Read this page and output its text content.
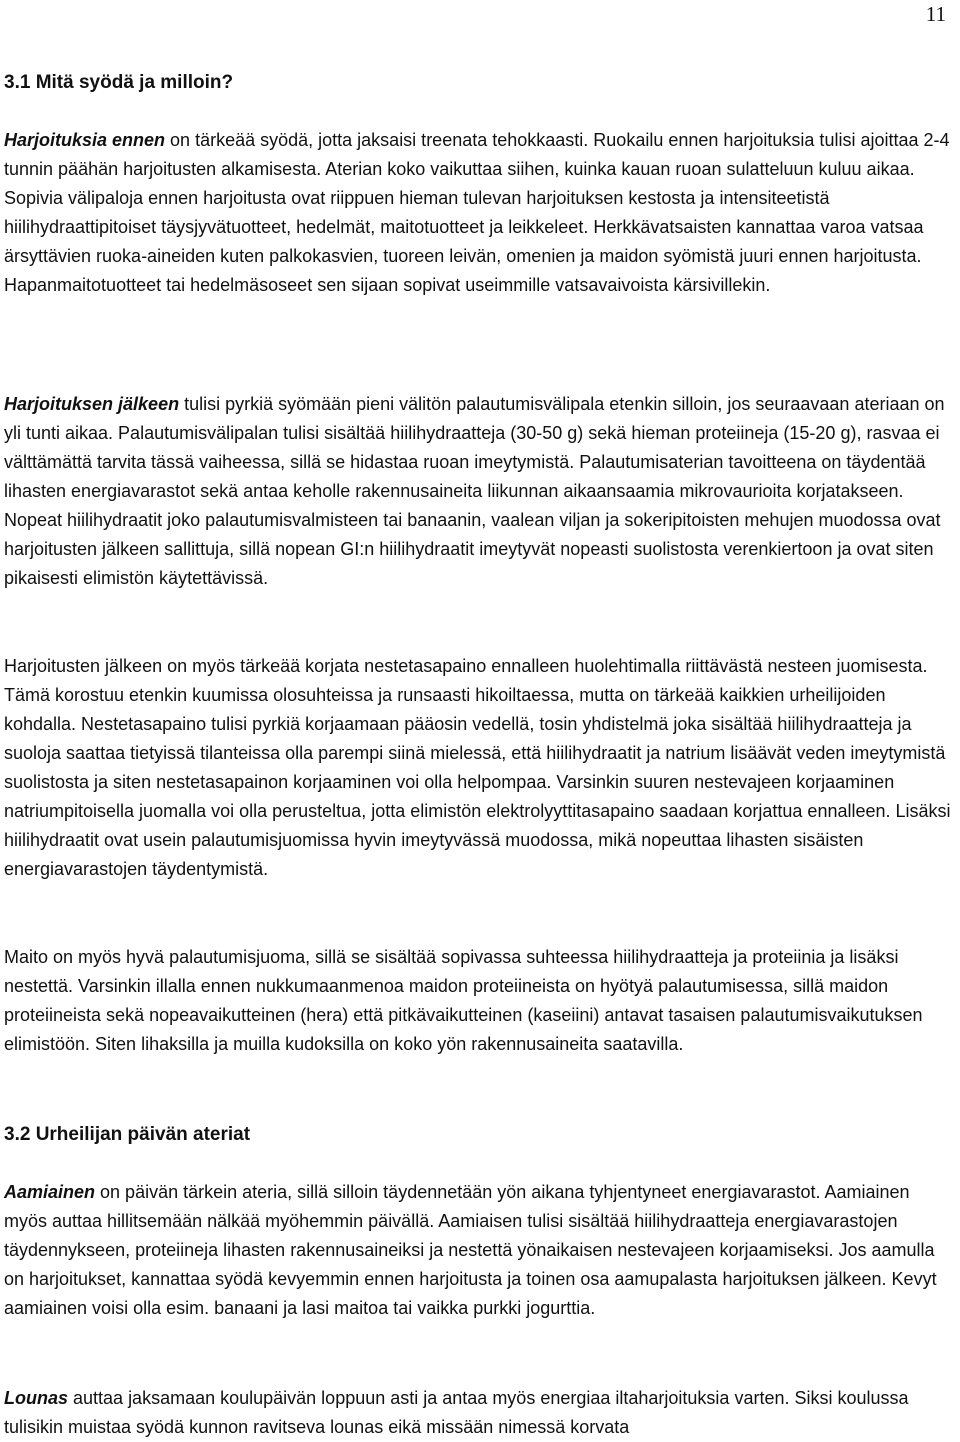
11
3.1 Mitä syödä ja milloin?

Harjoituksia ennen on tärkeää syödä, jotta jaksaisi treenata tehokkaasti. Ruokailu ennen harjoituksia tulisi ajoittaa 2-4 tunnin päähän harjoitusten alkamisesta. Aterian koko vaikuttaa siihen, kuinka kauan ruoan sulatteluun kuluu aikaa. Sopivia välipaloja ennen harjoitusta ovat riippuen hieman tulevan harjoituksen kestosta ja intensiteetistä hiilihydraattipitoiset täysjyvätuotteet, hedelmät, maitotuotteet ja leikkeleet. Herkkävatsaisten kannattaa varoa vatsaa ärsyttävien ruoka-aineiden kuten palkokasvien, tuoreen leivän, omenien ja maidon syömistä juuri ennen harjoitusta. Hapanmaitotuotteet tai hedelmäsoseet sen sijaan sopivat useimmille vatsavaivoista kärsivillekin.

Harjoituksen jälkeen tulisi pyrkiä syömään pieni välitön palautumisvälipala etenkin silloin, jos seuraavaan ateriaan on yli tunti aikaa. Palautumisvälipalan tulisi sisältää hiilihydraatteja (30-50 g) sekä hieman proteiineja (15-20 g), rasvaa ei välttämättä tarvita tässä vaiheessa, sillä se hidastaa ruoan imeytymistä. Palautumisaterian tavoitteena on täydentää lihasten energiavarastot sekä antaa keholle rakennusaineita liikunnan aikaansaamia mikrovaurioita korjatakseen. Nopeat hiilihydraatit joko palautumisvalmisteen tai banaanin, vaalean viljan ja sokeripitoisten mehujen muodossa ovat harjoitusten jälkeen sallittuja, sillä nopean GI:n hiilihydraatit imeytyvät nopeasti suolistosta verenkiertoon ja ovat siten pikaisesti elimistön käytettävissä.

Harjoitusten jälkeen on myös tärkeää korjata nestetasapaino ennalleen huolehtimalla riittävästä nesteen juomisesta. Tämä korostuu etenkin kuumissa olosuhteissa ja runsaasti hikoiltaessa, mutta on tärkeää kaikkien urheilijoiden kohdalla. Nestetasapaino tulisi pyrkiä korjaamaan pääosin vedellä, tosin yhdistelmä joka sisältää hiilihydraatteja ja suoloja saattaa tietyissä tilanteissa olla parempi siinä mielessä, että hiilihydraatit ja natrium lisäävät veden imeytymistä suolistosta ja siten nestetasapainon korjaaminen voi olla helpompaa. Varsinkin suuren nestevajeen korjaaminen natriumpitoisella juomalla voi olla perusteltua, jotta elimistön elektrolyyttitasapaino saadaan korjattua ennalleen. Lisäksi hiilihydraatit ovat usein palautumisjuomissa hyvin imeytyvässä muodossa, mikä nopeuttaa lihasten sisäisten energiavarastojen täydentymistä.

Maito on myös hyvä palautumisjuoma, sillä se sisältää sopivassa suhteessa hiilihydraatteja ja proteiinia ja lisäksi nestettä. Varsinkin illalla ennen nukkumaanmenoa maidon proteiineista on hyötyä palautumisessa, sillä maidon proteiineista sekä nopeavaikutteinen (hera) että pitkävaikutteinen (kaseiini) antavat tasaisen palautumisvaikutuksen elimistöön. Siten lihaksilla ja muilla kudoksilla on koko yön rakennusaineita saatavilla.

3.2 Urheilijan päivän ateriat

Aamiainen on päivän tärkein ateria, sillä silloin täydennetään yön aikana tyhjentyneet energiavarastot. Aamiainen myös auttaa hillitsemään nälkää myöhemmin päivällä. Aamiaisen tulisi sisältää hiilihydraatteja energiavarastojen täydennykseen, proteiineja lihasten rakennusaineiksi ja nestettä yönaikaisen nestevajeen korjaamiseksi. Jos aamulla on harjoitukset, kannattaa syödä kevyemmin ennen harjoitusta ja toinen osa aamupalasta harjoituksen jälkeen. Kevyt aamiainen voisi olla esim. banaani ja lasi maitoa tai vaikka purkki jogurttia.

Lounas auttaa jaksamaan koulupäivän loppuun asti ja antaa myös energiaa iltaharjoituksia varten. Siksi koulussa tulisikin muistaa syödä kunnon ravitseva lounas eikä missään nimessä korvata
